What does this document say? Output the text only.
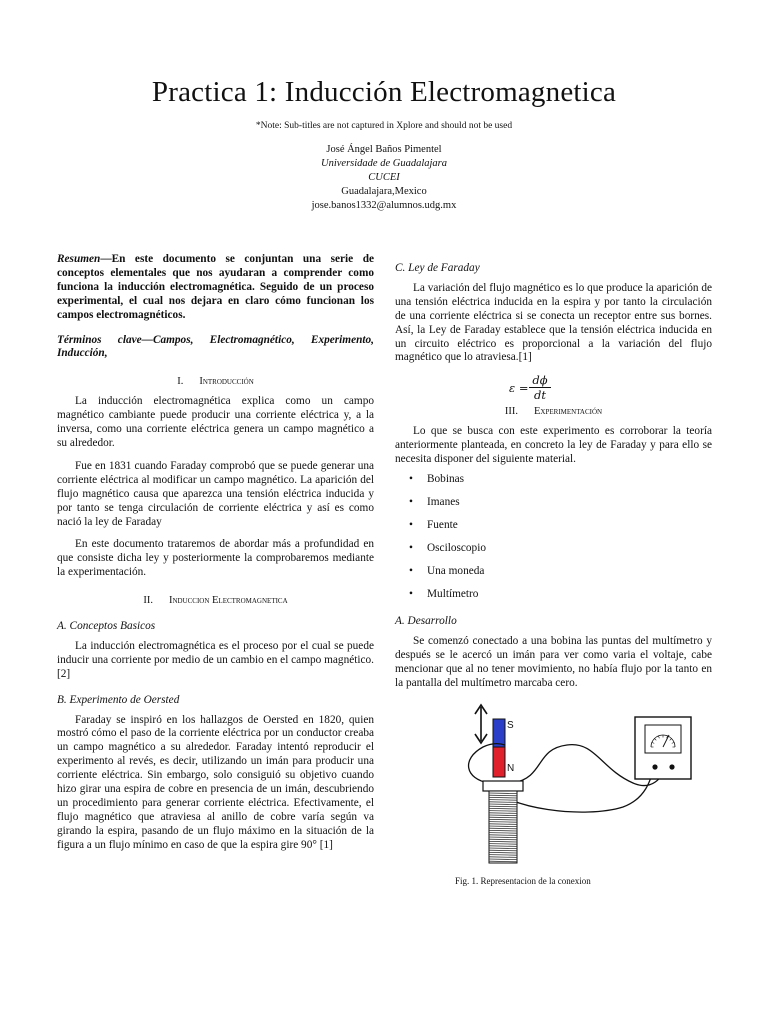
Practica 1: Inducción Electromagnetica
*Note: Sub-titles are not captured in Xplore and should not be used
José Ángel Baños Pimentel
Universidade de Guadalajara
CUCEI
Guadalajara,Mexico
jose.banos1332@alumnos.udg.mx

Resumen—En este documento se conjuntan una serie de conceptos elementales que nos ayudaran a comprender como funciona la inducción electromagnética. Seguido de un proceso experimental, el cual nos dejara en claro cómo funcionan los campos electromagnéticos.

Términos clave—Campos, Electromagnético, Experimento, Inducción,

I. Introducción

La inducción electromagnética explica como un campo magnético cambiante puede producir una corriente eléctrica y, a la inversa, como una corriente eléctrica genera un campo magnético a su alrededor.

Fue en 1831 cuando Faraday comprobó que se puede generar una corriente eléctrica al modificar un campo magnético. La aparición del flujo magnético causa que aparezca una tensión eléctrica inducida y por tanto se tenga circulación de corriente eléctrica y así es como nació la ley de Faraday

En este documento trataremos de abordar más a profundidad en que consiste dicha ley y posteriormente la comprobaremos mediante la experimentación.

II. Induccion Electromagnetica
A. Conceptos Basicos

La inducción electromagnética es el proceso por el cual se puede inducir una corriente por medio de un cambio en el campo magnético. [2]

B. Experimento de Oersted

Faraday se inspiró en los hallazgos de Oersted en 1820, quien mostró cómo el paso de la corriente eléctrica por un conductor creaba un campo magnético a su alrededor. Faraday intentó reproducir el experimento al revés, es decir, utilizando un imán para producir una corriente eléctrica. Sin embargo, solo consiguió su objetivo cuando hizo girar una espira de cobre en presencia de un imán, descubriendo un procedimiento para generar corriente eléctrica. Efectivamente, el flujo magnético que atraviesa al anillo de cobre varía según va girando la espira, pasando de un flujo máximo en la situación de la figura a un flujo mínimo en caso de que la espira gire 90° [1]

C. Ley de Faraday

La variación del flujo magnético es lo que produce la aparición de una tensión eléctrica inducida en la espira y por tanto la circulación de una corriente eléctrica si se conecta un receptor entre sus bornes. Así, la Ley de Faraday establece que la tensión eléctrica inducida en un circuito eléctrico es proporcional a la variación del flujo magnético que lo atraviesa.[1]

$\varepsilon = \frac{d\phi}{dt}$
III. Experimentación

Lo que se busca con este experimento es corroborar la teoría anteriormente planteada, en concreto la ley de Faraday y para ello se necesita disponer del siguiente material.

• Bobinas
• Imanes
• Fuente
• Osciloscopio
• Una moneda
• Multímetro
A. Desarrollo

Se comenzó conectado a una bobina las puntas del multímetro y después se le acercó un imán para ver como varia el voltaje, cabe mencionar que al no tener movimiento, no había flujo por la tanto en la pantalla del multímetro marcaba cero.

S
N
Fig. 1. Representacion de la conexion
